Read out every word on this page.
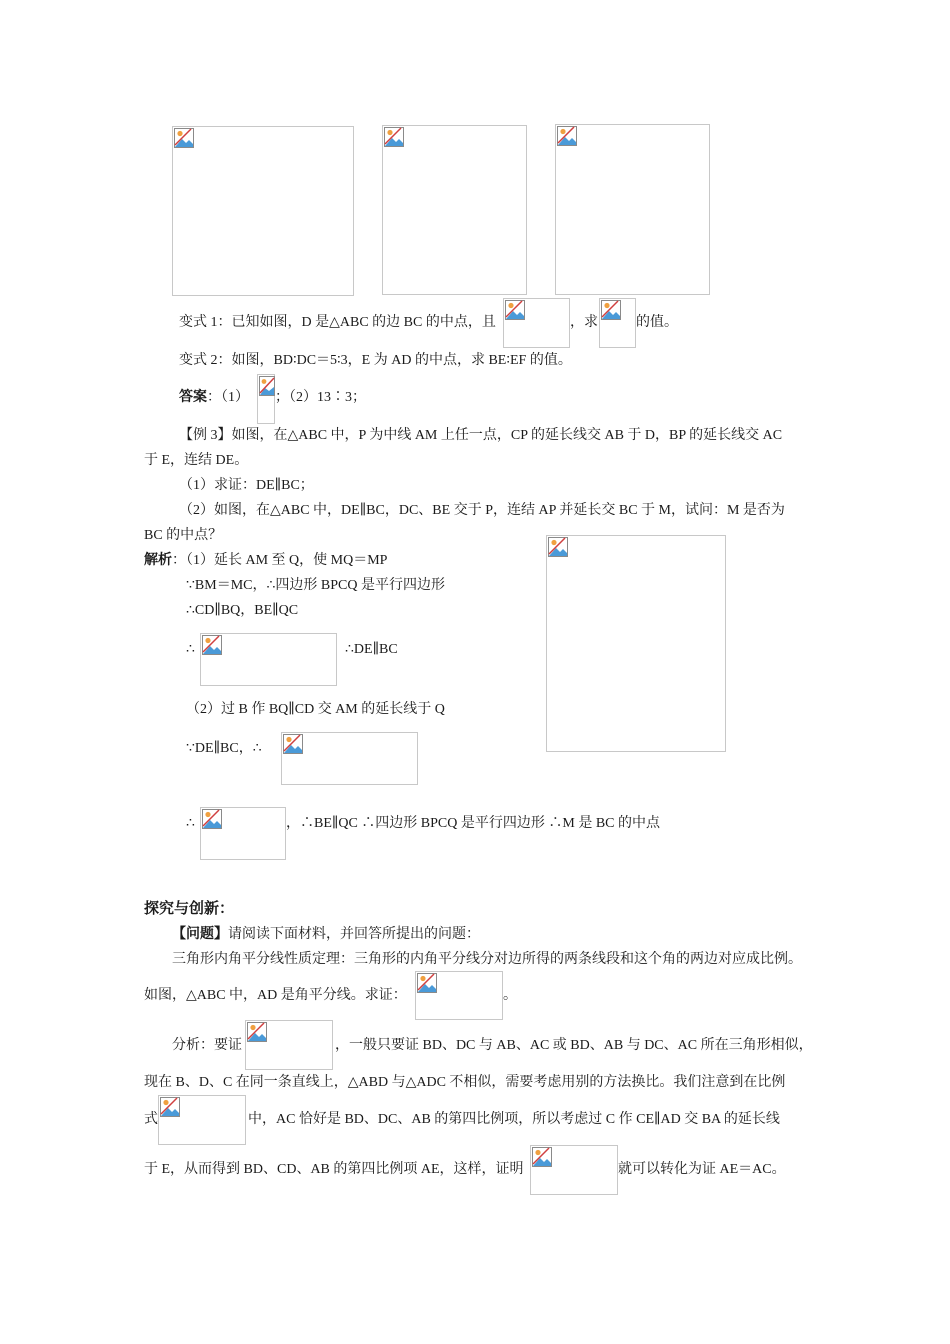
变式 1：已知如图，D 是△ABC 的边 BC 的中点，且	，求	的值。
变式 2：如图，BD∶DC＝5∶3，E 为 AD 的中点，求 BE∶EF 的值。
答案 ：（1） ；（2）13∶3；
【例 3】如图，在△ABC 中，P 为中线 AM 上任一点，CP 的延长线交 AB 于 D，BP 的延长线交 AC
于 E，连结 DE。
（1）求证：DE∥BC；
（2）如图，在△ABC 中，DE∥BC，DC、BE 交于 P，连结 AP 并延长交 BC 于 M，试问：M 是否为
BC 的中点？
解析 ：（1）延长 AM 至 Q，使 MQ＝MP
∵BM＝MC，∴四边形 BPCQ 是平行四边形
∴CD∥BQ，BE∥QC
∴	∴DE∥BC
（2）过 B 作 BQ∥CD 交 AM 的延长线于 Q
∵DE∥BC，∴
∴	，∴BE∥QC ∴四边形 BPCQ 是平行四边形 ∴M 是 BC 的中点
探究与创新：
【问题】 请阅读下面材料，并回答所提出的问题：
三角形内角平分线性质定理：三角形的内角平分线分对边所得的两条线段和这个角的两边对应成比例。
如图，△ABC 中，AD 是角平分线。求证：	。
分析：要证	，一般只要证 BD、DC 与 AB、AC 或 BD、AB 与 DC、AC 所在三角形相似，
现在 B、D、C 在同一条直线上，△ABD 与△ADC 不相似，需要考虑用别的方法换比。我们注意到在比例
式	中，AC 恰好是 BD、DC、AB 的第四比例项，所以考虑过 C 作 CE∥AD 交 BA 的延长线
于 E，从而得到 BD、CD、AB 的第四比例项 AE，这样，证明	就可以转化为证 AE＝AC。
